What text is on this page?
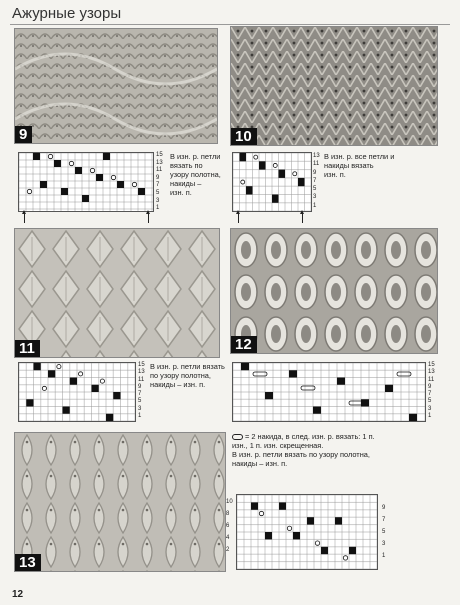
Ажурные узоры
9	10
15
13
11
9
7
5
3
1
В изн. р. петли
вязать по
узору полотна,
накиды –
изн. п.
13
11
9
7
5
3
1
В изн. р. все петли и
накиды вязать
изн. п.
11	12
15
13
11
9
7
5
3
1
В изн. р. петли вязать
по узору полотна,
накиды – изн. п.
15
13
11
9
7
5
3
1
= 2 накида, в след. изн. р. вязать: 1 п.
изн., 1 п. изн. скрещенная.
В изн. р. петли вязать по узору полотна,
накиды – изн. п.
13
10
8
6
4
2
9
7
5
3
1
12
